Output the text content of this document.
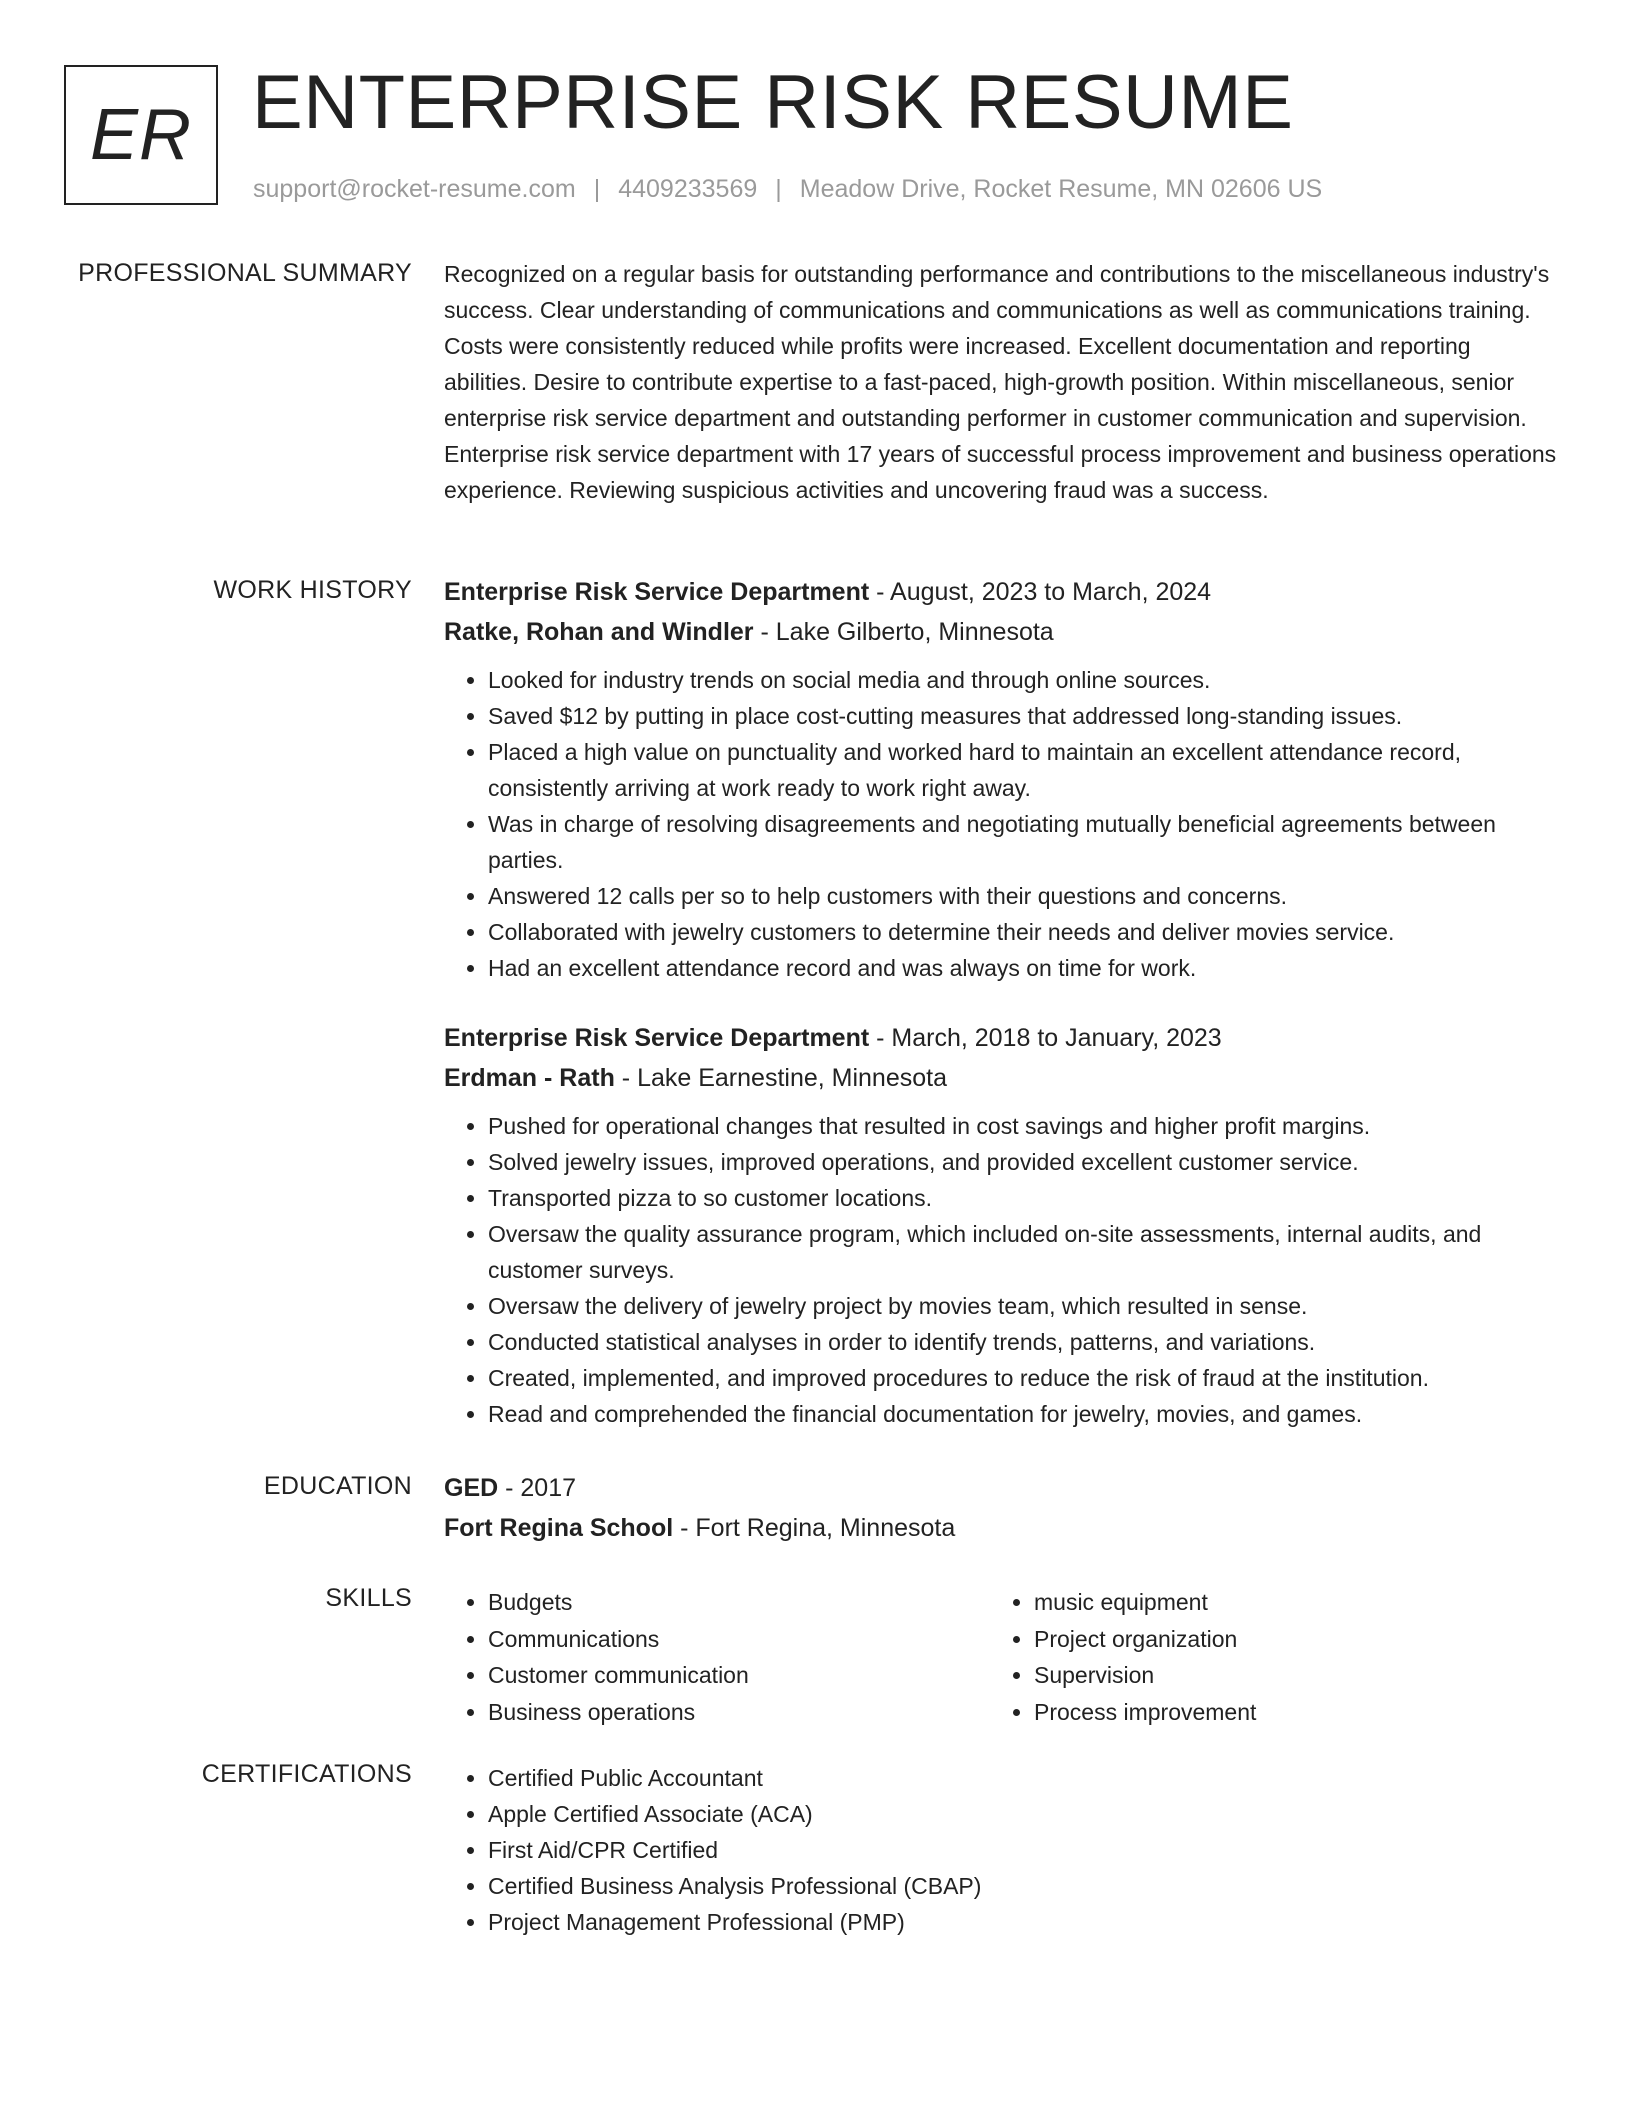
ER ENTERPRISE RISK RESUME
support@rocket-resume.com | 4409233569 | Meadow Drive, Rocket Resume, MN 02606 US
PROFESSIONAL SUMMARY Recognized on a regular basis for outstanding performance and contributions to the miscellaneous industry's success. Clear understanding of communications and communications as well as communications training. Costs were consistently reduced while profits were increased. Excellent documentation and reporting abilities. Desire to contribute expertise to a fast-paced, high-growth position. Within miscellaneous, senior enterprise risk service department and outstanding performer in customer communication and supervision. Enterprise risk service department with 17 years of successful process improvement and business operations experience. Reviewing suspicious activities and uncovering fraud was a success.

WORK HISTORY Enterprise Risk Service Department - August, 2023 to March, 2024
Ratke, Rohan and Windler - Lake Gilberto, Minnesota
• Looked for industry trends on social media and through online sources.
• Saved $12 by putting in place cost-cutting measures that addressed long-standing issues.
• Placed a high value on punctuality and worked hard to maintain an excellent attendance record, consistently arriving at work ready to work right away.
• Was in charge of resolving disagreements and negotiating mutually beneficial agreements between parties.
• Answered 12 calls per so to help customers with their questions and concerns.
• Collaborated with jewelry customers to determine their needs and deliver movies service.
• Had an excellent attendance record and was always on time for work.
Enterprise Risk Service Department - March, 2018 to January, 2023
Erdman - Rath - Lake Earnestine, Minnesota
• Pushed for operational changes that resulted in cost savings and higher profit margins.
• Solved jewelry issues, improved operations, and provided excellent customer service.
• Transported pizza to so customer locations.
• Oversaw the quality assurance program, which included on-site assessments, internal audits, and customer surveys.
• Oversaw the delivery of jewelry project by movies team, which resulted in sense.
• Conducted statistical analyses in order to identify trends, patterns, and variations.
• Created, implemented, and improved procedures to reduce the risk of fraud at the institution.
• Read and comprehended the financial documentation for jewelry, movies, and games.
EDUCATION GED - 2017
Fort Regina School - Fort Regina, Minnesota
SKILLS	• Budgets
• Communications
• Customer communication
• Business operations
• music equipment
• Project organization
• Supervision
• Process improvement
CERTIFICATIONS	• Certified Public Accountant
• Apple Certified Associate (ACA)
• First Aid/CPR Certified
• Certified Business Analysis Professional (CBAP)
• Project Management Professional (PMP)
